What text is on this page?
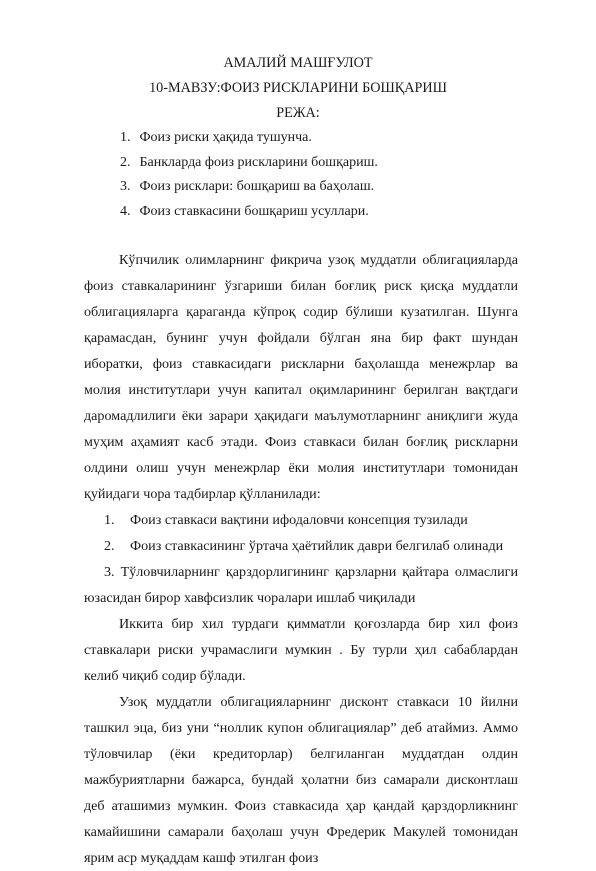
АМАЛИЙ МАШҒУЛОТ
10-МАВЗУ:ФОИЗ РИСКЛАРИНИ БОШҚАРИШ
РЕЖА:
1. Фоиз риски ҳақида тушунча.
2. Банкларда фоиз рискларини бошқариш.
3. Фоиз рисклари: бошқариш ва баҳолаш.
4. Фоиз ставкасини бошқариш усуллари.

Кўпчилик олимларнинг фикрича узоқ муддатли облигацияларда фоиз ставкаларининг ўзгариши билан боғлиқ риск қисқа муддатли облигацияларга қараганда кўпроқ содир бўлиши кузатилган. Шунга қарамасдан, бунинг учун фойдали бўлган яна бир факт шундан иборатки, фоиз ставкасидаги рискларни баҳолашда менежрлар ва молия институтлари учун капитал оқимларининг берилган вақтдаги даромадлилиги ёки зарари ҳақидаги маълумотларнинг аниқлиги жуда муҳим аҳамият касб этади. Фоиз ставкаси билан боғлиқ рискларни олдини олиш учун менежрлар ёки молия институтлари томонидан қуйидаги чора тадбирлар қўлланилади:

1. Фоиз ставкаси вақтини ифодаловчи консепция тузилади

2. Фоиз ставкасининг ўртача ҳаётийлик даври белгилаб олинади

3. Тўловчиларнинг қарздорлигининг қарзларни қайтара олмаслиги юзасидан бирор хавфсизлик чоралари ишлаб чиқилади

Иккита бир хил турдаги қимматли қоғозларда бир хил фоиз ставкалари риски учрамаслиги мумкин . Бу турли ҳил сабаблардан келиб чиқиб содир бўлади.

Узоқ муддатли облигацияларнинг дисконт ставкаси 10 йилни ташкил эца, биз уни “ноллик купон облигациялар” деб атаймиз. Аммо тўловчилар (ёки кредиторлар) белгиланган муддатдан олдин мажбуриятларни бажарса, бундай ҳолатни биз самарали дисконтлаш деб аташимиз мумкин. Фоиз ставкасида ҳар қандай қарздорликнинг камайишини самарали баҳолаш учун Фредерик Макулей томонидан ярим аср муқаддам кашф этилган фоиз
